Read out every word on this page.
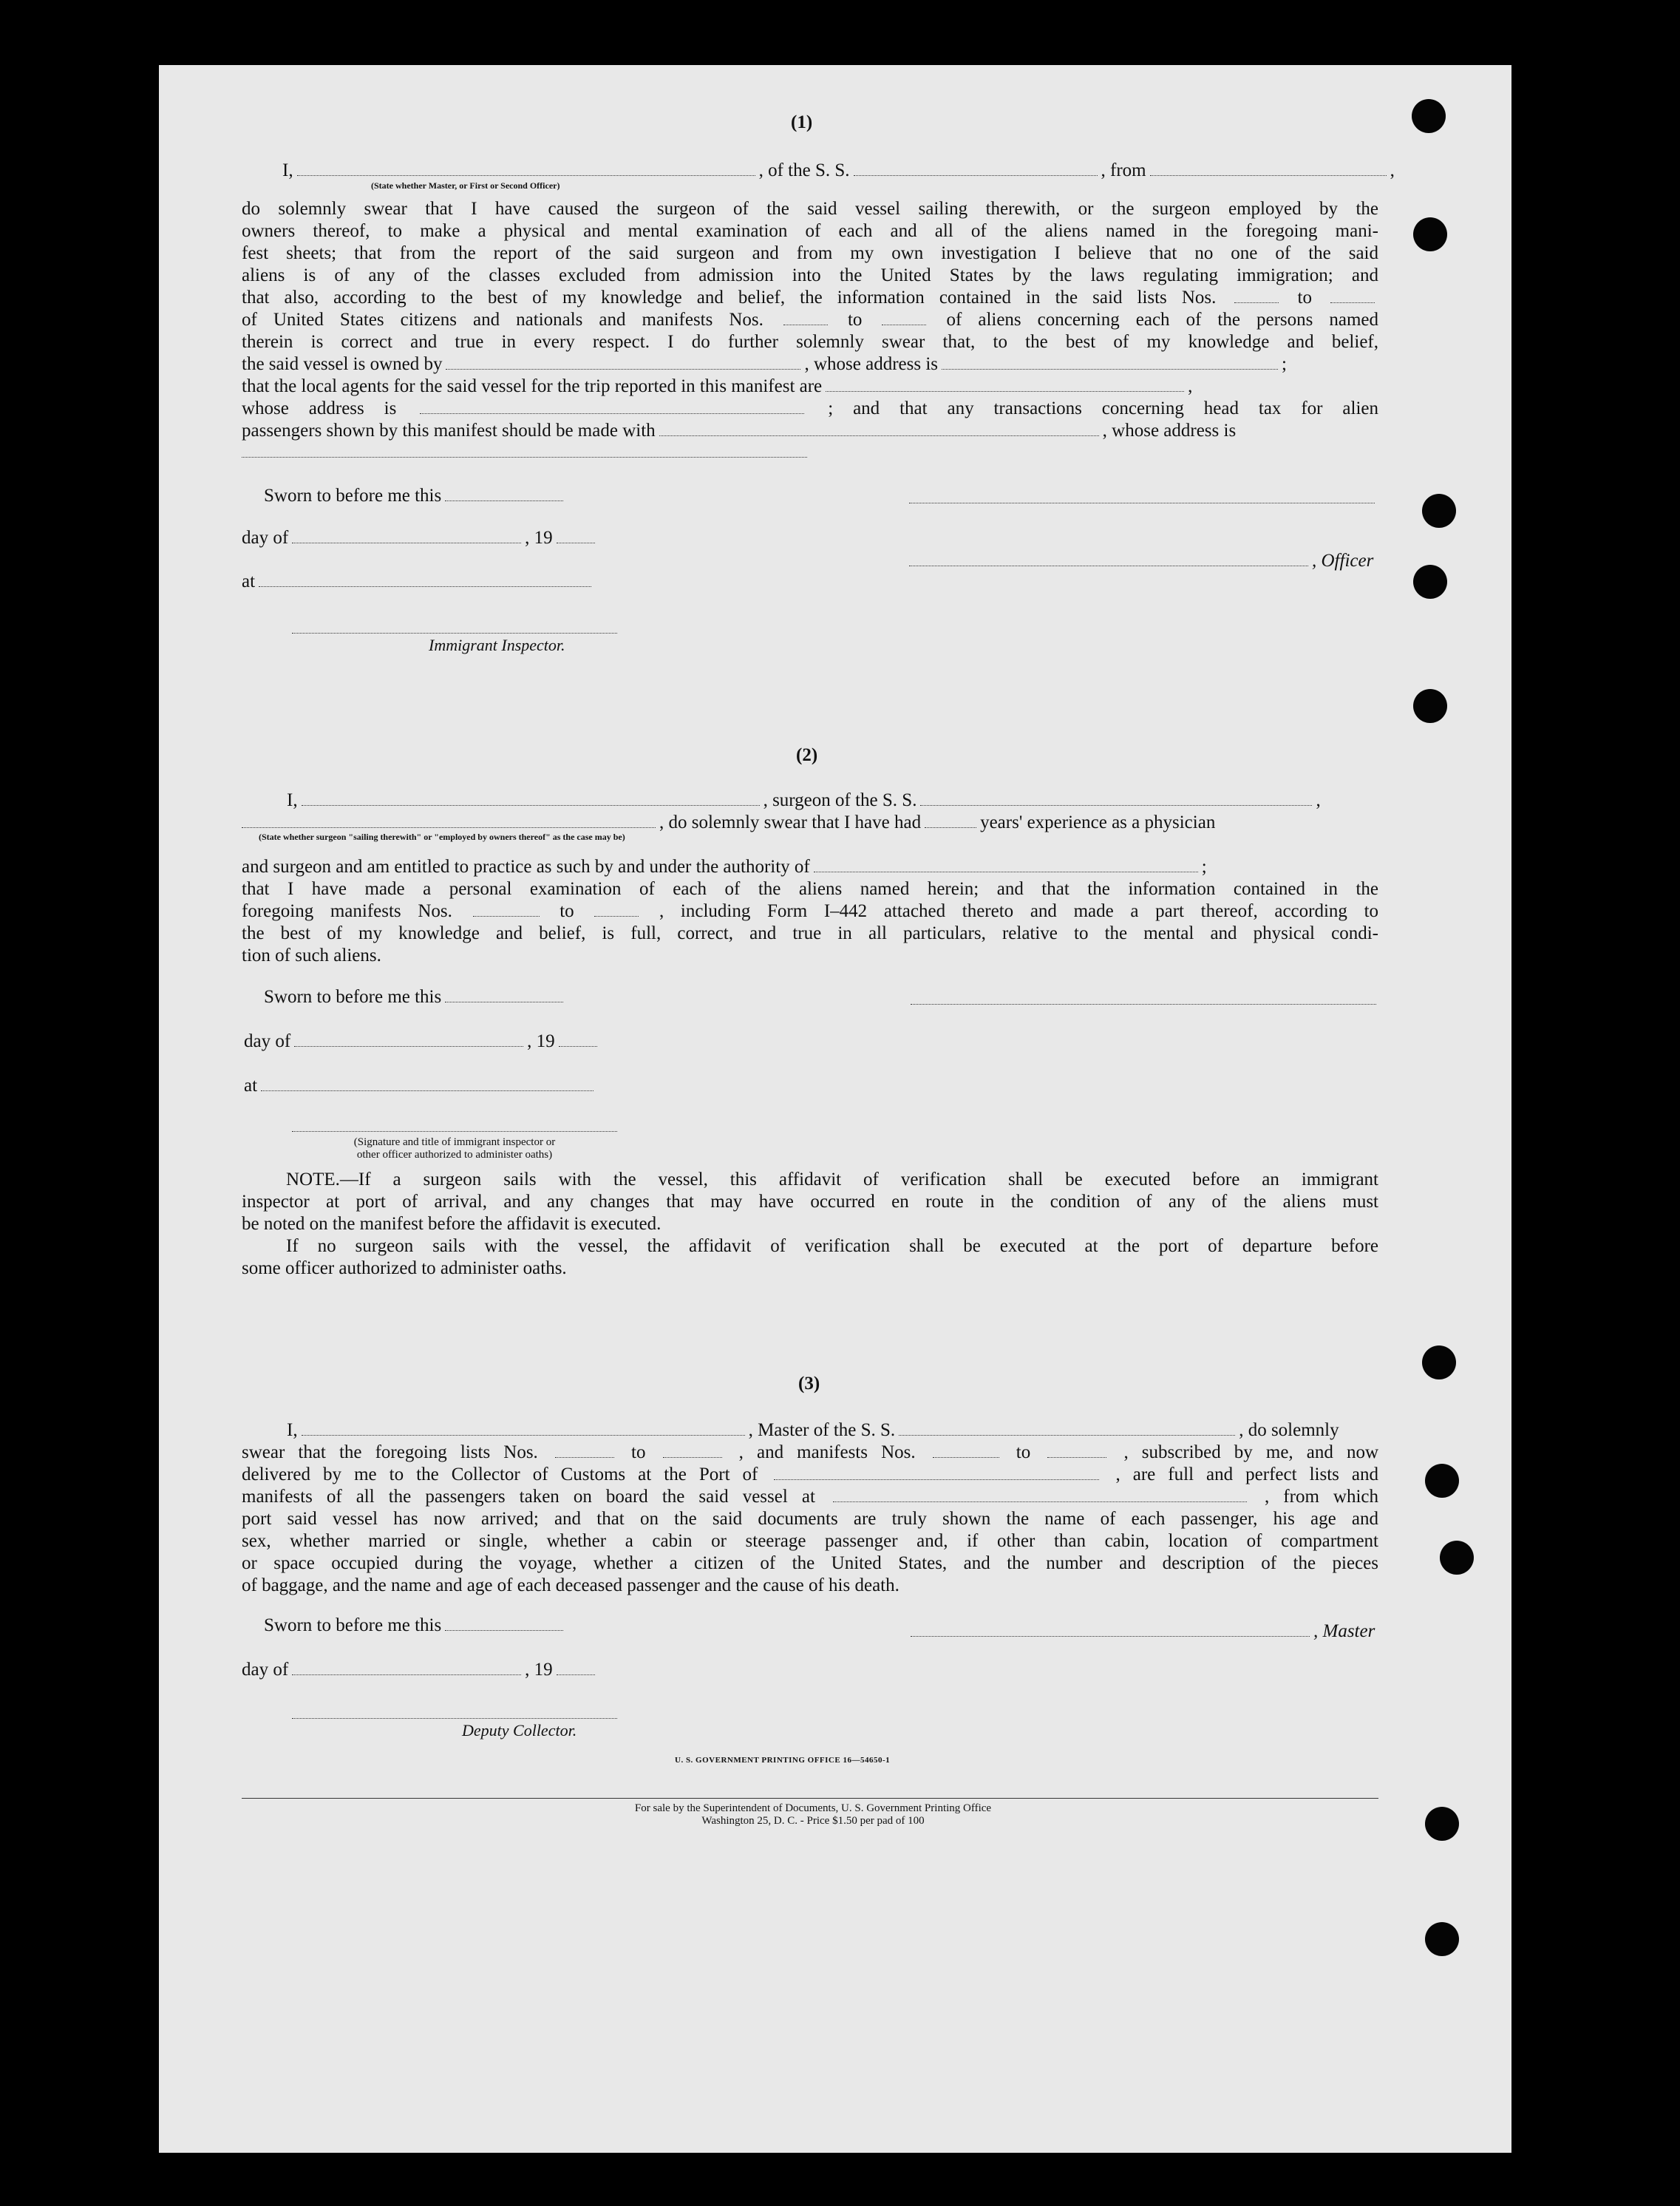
(1)
I,	, of the S. S.	, from	,
(State whether Master, or First or Second Officer)
do solemnly swear that I have caused the surgeon of the said vessel sailing therewith, or the surgeon employed by the
owners thereof, to make a physical and mental examination of each and all of the aliens named in the foregoing mani-
fest sheets; that from the report of the said surgeon and from my own investigation I believe that no one of the said
aliens is of any of the classes excluded from admission into the United States by the laws regulating immigration; and
that also, according to the best of my knowledge and belief, the information contained in the said lists Nos.	to
of United States citizens and nationals and manifests Nos.	to	of aliens concerning each of the persons named
therein is correct and true in every respect. I do further solemnly swear that, to the best of my knowledge and belief,
the said vessel is owned by	, whose address is	;
that the local agents for the said vessel for the trip reported in this manifest are	,
whose address is	; and that any transactions concerning head tax for alien
passengers shown by this manifest should be made with	, whose address is
Sworn to before me this
day of	, 19
, Officer
at
Immigrant Inspector.
(2)
I,	, surgeon of the S. S.	,
, do solemnly swear that I have had	years' experience as a physician
(State whether surgeon "sailing therewith" or "employed by owners thereof" as the case may be)
and surgeon and am entitled to practice as such by and under the authority of	;
that I have made a personal examination of each of the aliens named herein; and that the information contained in the
foregoing manifests Nos.	to	, including Form I–442 attached thereto and made a part thereof, according to
the best of my knowledge and belief, is full, correct, and true in all particulars, relative to the mental and physical condi-
tion of such aliens.
Sworn to before me this
day of	, 19
at
(Signature and title of immigrant inspector or
other officer authorized to administer oaths)
NOTE.—If a surgeon sails with the vessel, this affidavit of verification shall be executed before an immigrant
inspector at port of arrival, and any changes that may have occurred en route in the condition of any of the aliens must
be noted on the manifest before the affidavit is executed.
If no surgeon sails with the vessel, the affidavit of verification shall be executed at the port of departure before
some officer authorized to administer oaths.
(3)
I,	, Master of the S. S.	, do solemnly
swear that the foregoing lists Nos.	to	, and manifests Nos.	to	, subscribed by me, and now
delivered by me to the Collector of Customs at the Port of	, are full and perfect lists and
manifests of all the passengers taken on board the said vessel at	, from which
port said vessel has now arrived; and that on the said documents are truly shown the name of each passenger, his age and
sex, whether married or single, whether a cabin or steerage passenger and, if other than cabin, location of compartment
or space occupied during the voyage, whether a citizen of the United States, and the number and description of the pieces
of baggage, and the name and age of each deceased passenger and the cause of his death.
Sworn to before me this	, Master
day of	, 19
Deputy Collector.
U. S. GOVERNMENT PRINTING OFFICE 16—54650-1
For sale by the Superintendent of Documents, U. S. Government Printing Office
Washington 25, D. C. - Price $1.50 per pad of 100
